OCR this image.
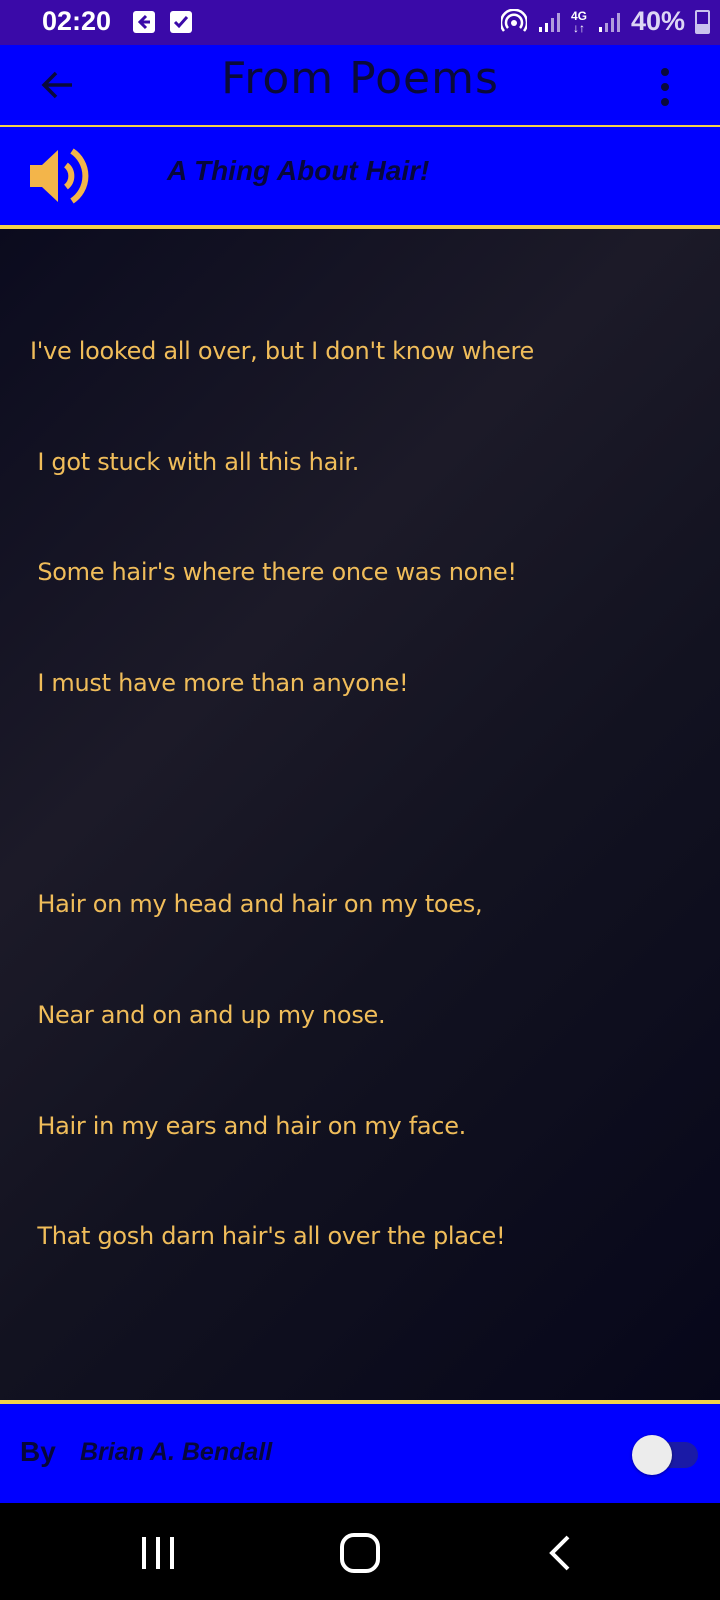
02:20	4G
↓↑ 40%
From Poems
A Thing About Hair!

I've looked all over, but I don't know where

I got stuck with all this hair.

Some hair's where there once was none!

I must have more than anyone!

Hair on my head and hair on my toes,

Near and on and up my nose.

Hair in my ears and hair on my face.

That gosh darn hair's all over the place!

By Brian A. Bendall
